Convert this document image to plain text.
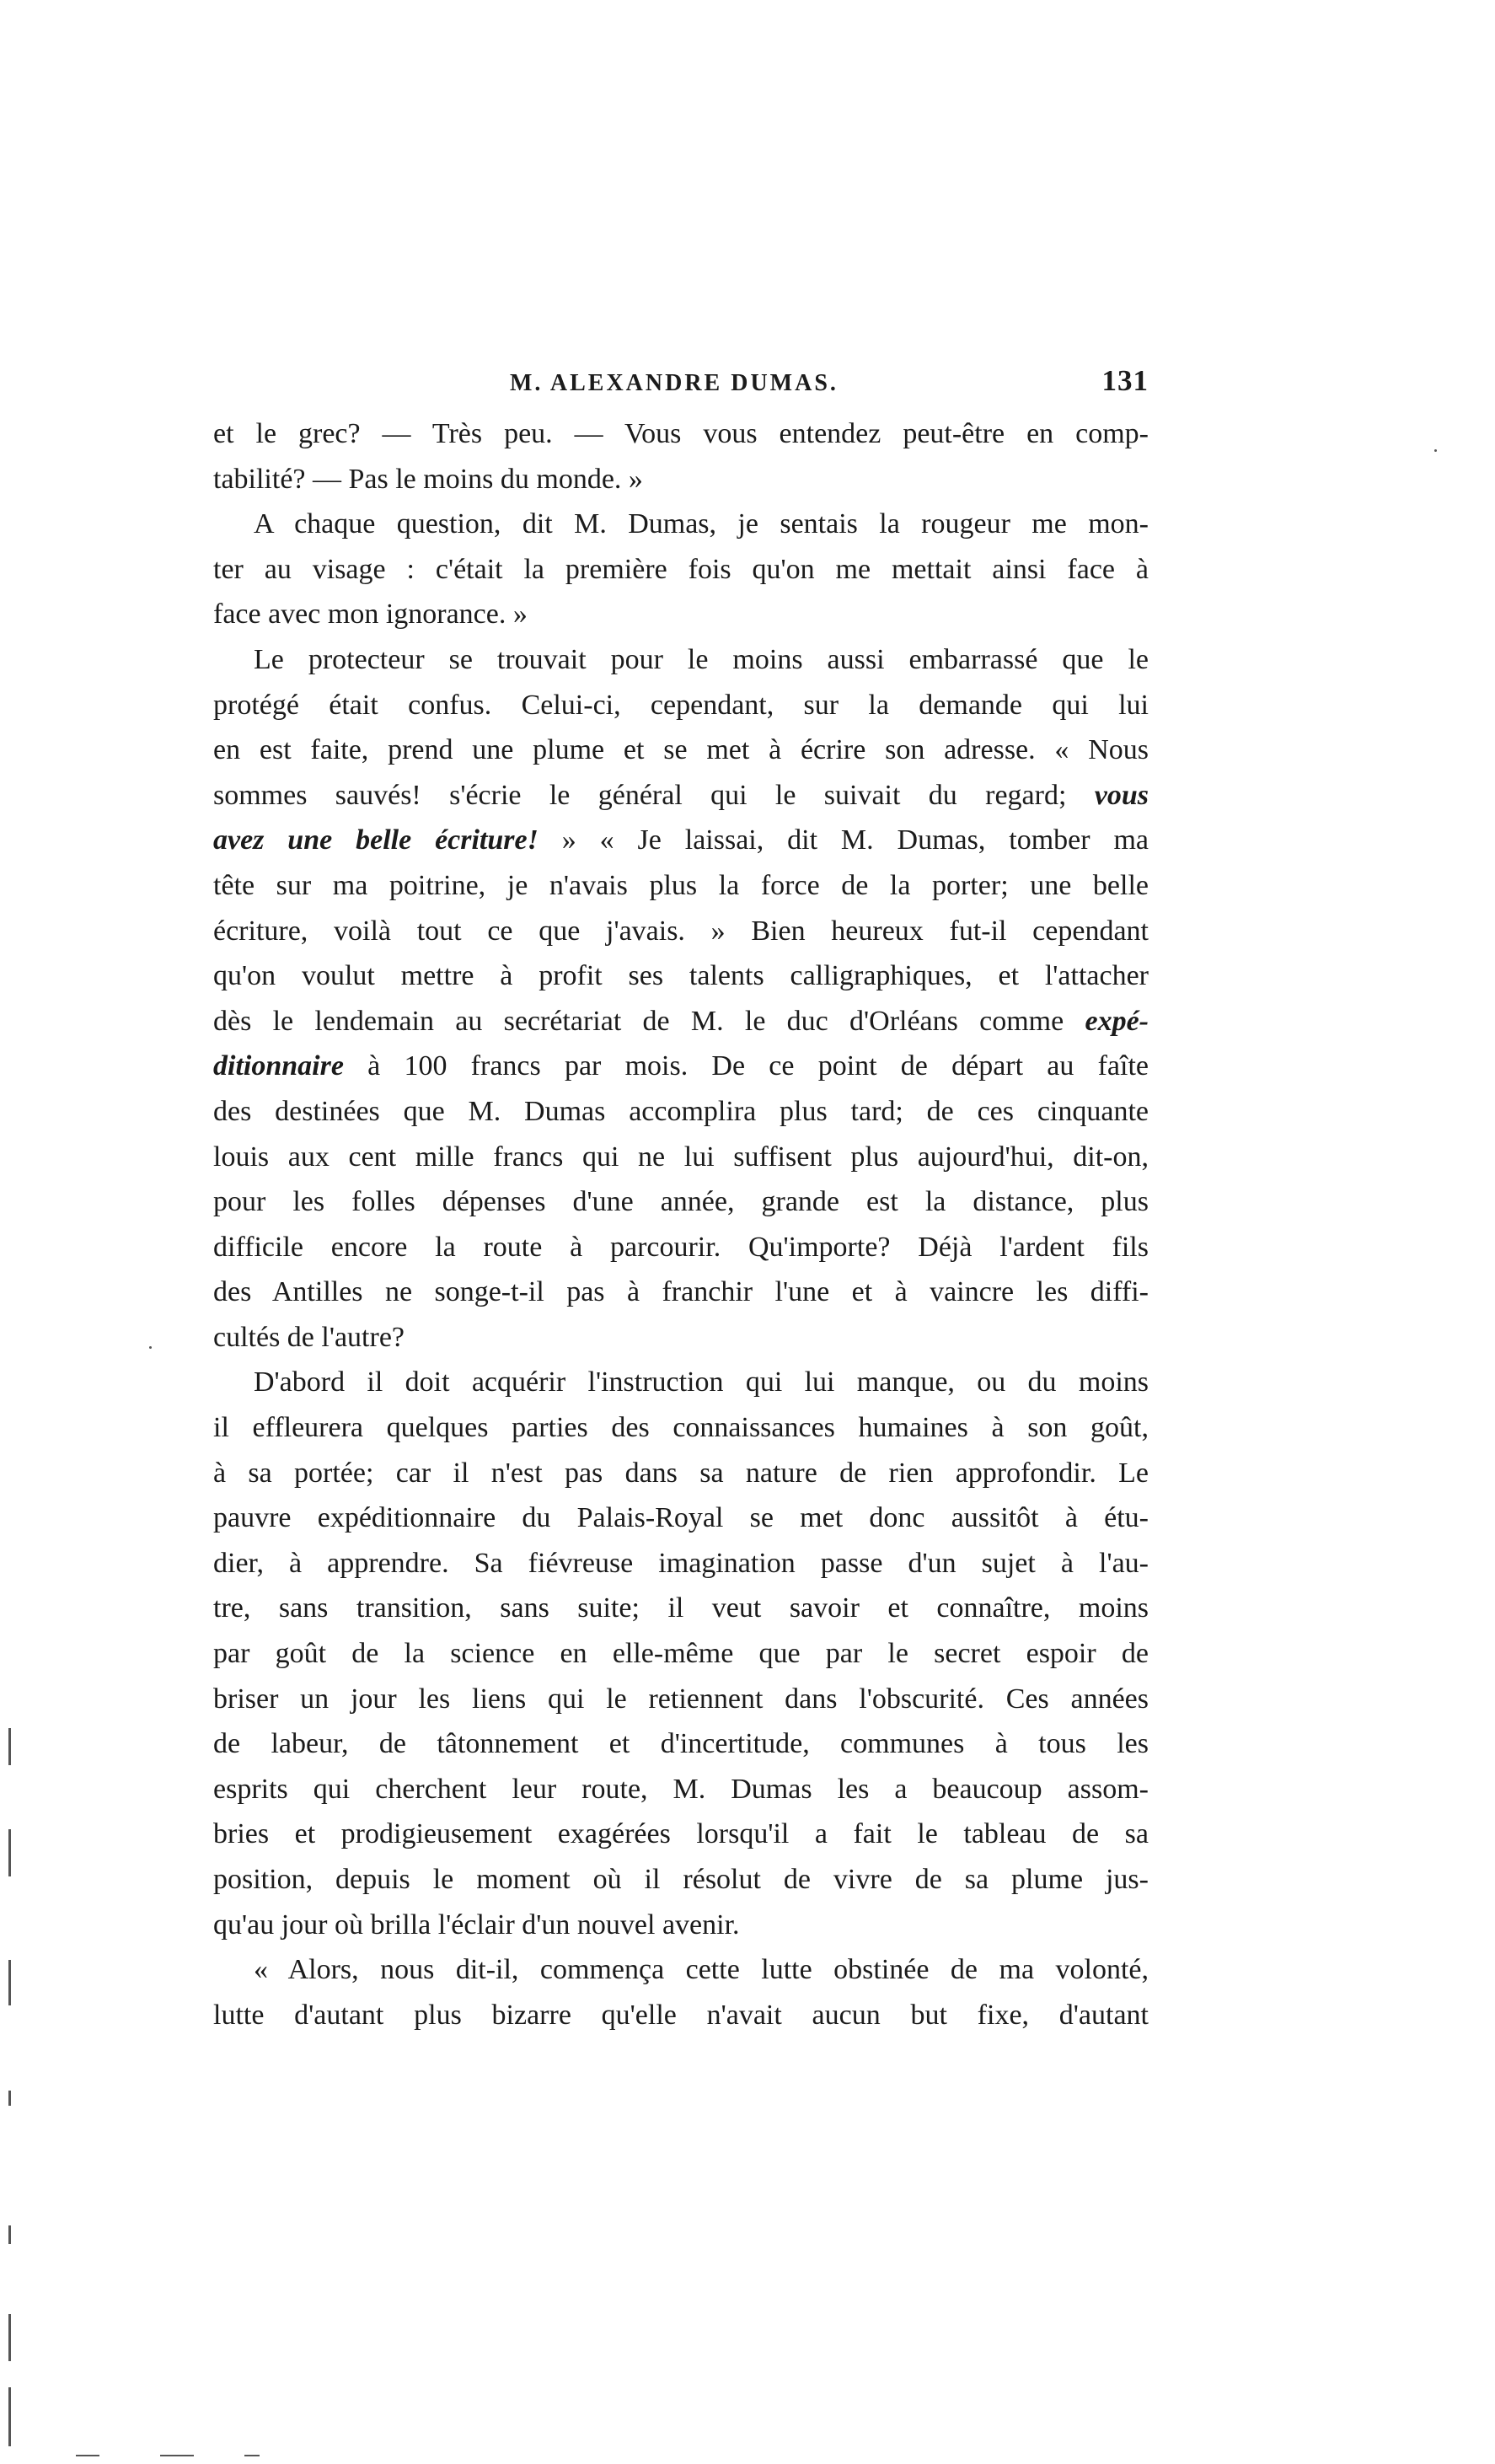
M. ALEXANDRE DUMAS.	131
et le grec? — Très peu. — Vous vous entendez peut-être en comp-
tabilité? — Pas le moins du monde. »
A chaque question, dit M. Dumas, je sentais la rougeur me mon-
ter au visage : c'était la première fois qu'on me mettait ainsi face à
face avec mon ignorance. »
Le protecteur se trouvait pour le moins aussi embarrassé que le
protégé était confus. Celui-ci, cependant, sur la demande qui lui
en est faite, prend une plume et se met à écrire son adresse. « Nous
sommes sauvés! s'écrie le général qui le suivait du regard; vous
avez une belle écriture! » « Je laissai, dit M. Dumas, tomber ma
tête sur ma poitrine, je n'avais plus la force de la porter; une belle
écriture, voilà tout ce que j'avais. » Bien heureux fut-il cependant
qu'on voulut mettre à profit ses talents calligraphiques, et l'attacher
dès le lendemain au secrétariat de M. le duc d'Orléans comme expé-
ditionnaire à 100 francs par mois. De ce point de départ au faîte
des destinées que M. Dumas accomplira plus tard; de ces cinquante
louis aux cent mille francs qui ne lui suffisent plus aujourd'hui, dit-on,
pour les folles dépenses d'une année, grande est la distance, plus
difficile encore la route à parcourir. Qu'importe? Déjà l'ardent fils
des Antilles ne songe-t-il pas à franchir l'une et à vaincre les diffi-
cultés de l'autre?
D'abord il doit acquérir l'instruction qui lui manque, ou du moins
il effleurera quelques parties des connaissances humaines à son goût,
à sa portée; car il n'est pas dans sa nature de rien approfondir. Le
pauvre expéditionnaire du Palais-Royal se met donc aussitôt à étu-
dier, à apprendre. Sa fiévreuse imagination passe d'un sujet à l'au-
tre, sans transition, sans suite; il veut savoir et connaître, moins
par goût de la science en elle-même que par le secret espoir de
briser un jour les liens qui le retiennent dans l'obscurité. Ces années
de labeur, de tâtonnement et d'incertitude, communes à tous les
esprits qui cherchent leur route, M. Dumas les a beaucoup assom-
bries et prodigieusement exagérées lorsqu'il a fait le tableau de sa
position, depuis le moment où il résolut de vivre de sa plume jus-
qu'au jour où brilla l'éclair d'un nouvel avenir.
« Alors, nous dit-il, commença cette lutte obstinée de ma volonté,
lutte d'autant plus bizarre qu'elle n'avait aucun but fixe, d'autant
